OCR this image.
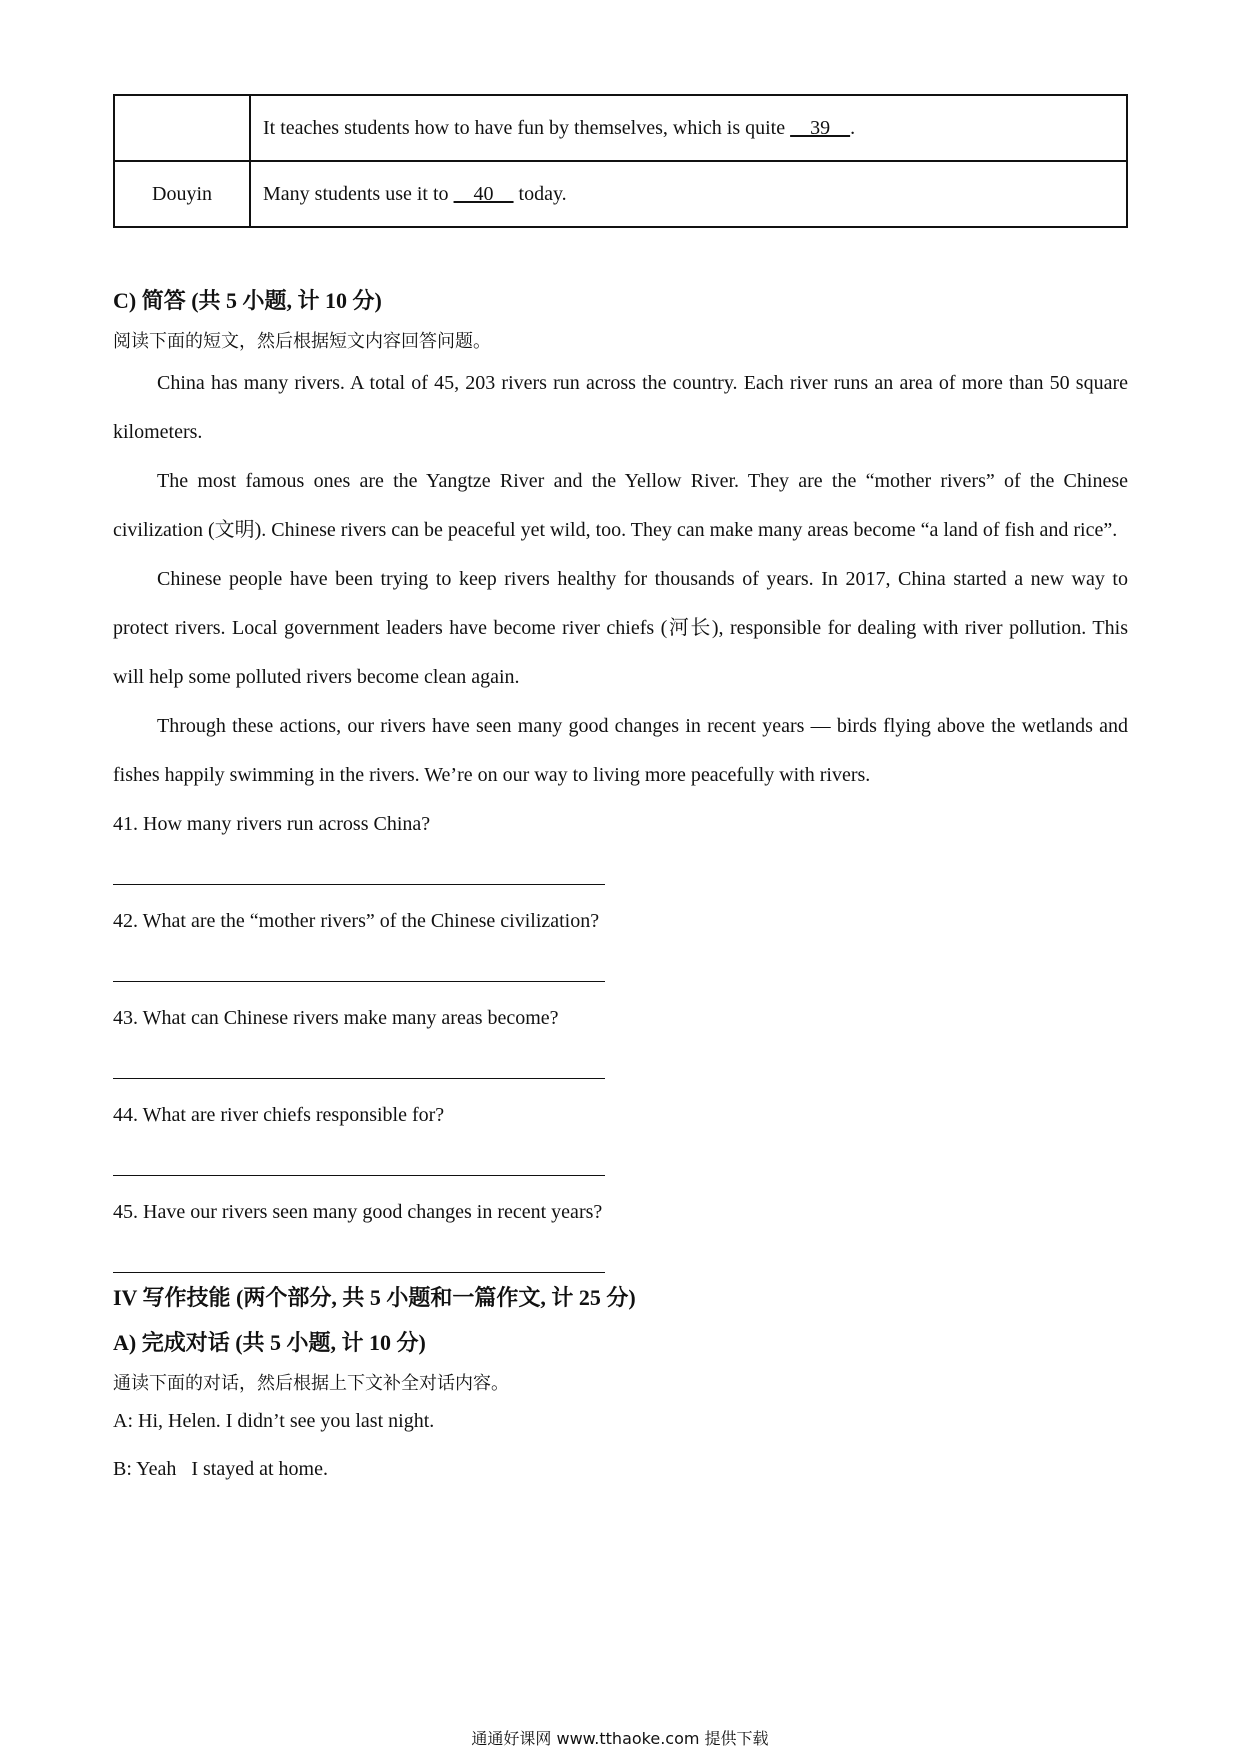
	It teaches students how to have fun by themselves, which is quite     39    .
Douyin	Many students use it to     40     today.

C) 简答 (共 5 小题, 计 10 分)

阅读下面的短文，然后根据短文内容回答问题。

China has many rivers. A total of 45, 203 rivers run across the country. Each river runs an area of more than 50 square kilometers.

The most famous ones are the Yangtze River and the Yellow River. They are the “mother rivers” of the Chinese civilization (文明). Chinese rivers can be peaceful yet wild, too. They can make many areas become “a land of fish and rice”.

Chinese people have been trying to keep rivers healthy for thousands of years. In 2017, China started a new way to protect rivers. Local government leaders have become river chiefs (河长), responsible for dealing with river pollution. This will help some polluted rivers become clean again.

Through these actions, our rivers have seen many good changes in recent years — birds flying above the wetlands and fishes happily swimming in the rivers. We’re on our way to living more peacefully with rivers.

41. How many rivers run across China?

42. What are the “mother rivers” of the Chinese civilization?

43. What can Chinese rivers make many areas become?

44. What are river chiefs responsible for?

45. Have our rivers seen many good changes in recent years?

IV 写作技能 (两个部分, 共 5 小题和一篇作文, 计 25 分)

A) 完成对话 (共 5 小题, 计 10 分)

通读下面的对话，然后根据上下文补全对话内容。

A: Hi, Helen. I didn’t see you last night.

B: Yeah   I stayed at home.

通通好课网 www.tthaoke.com 提供下载
